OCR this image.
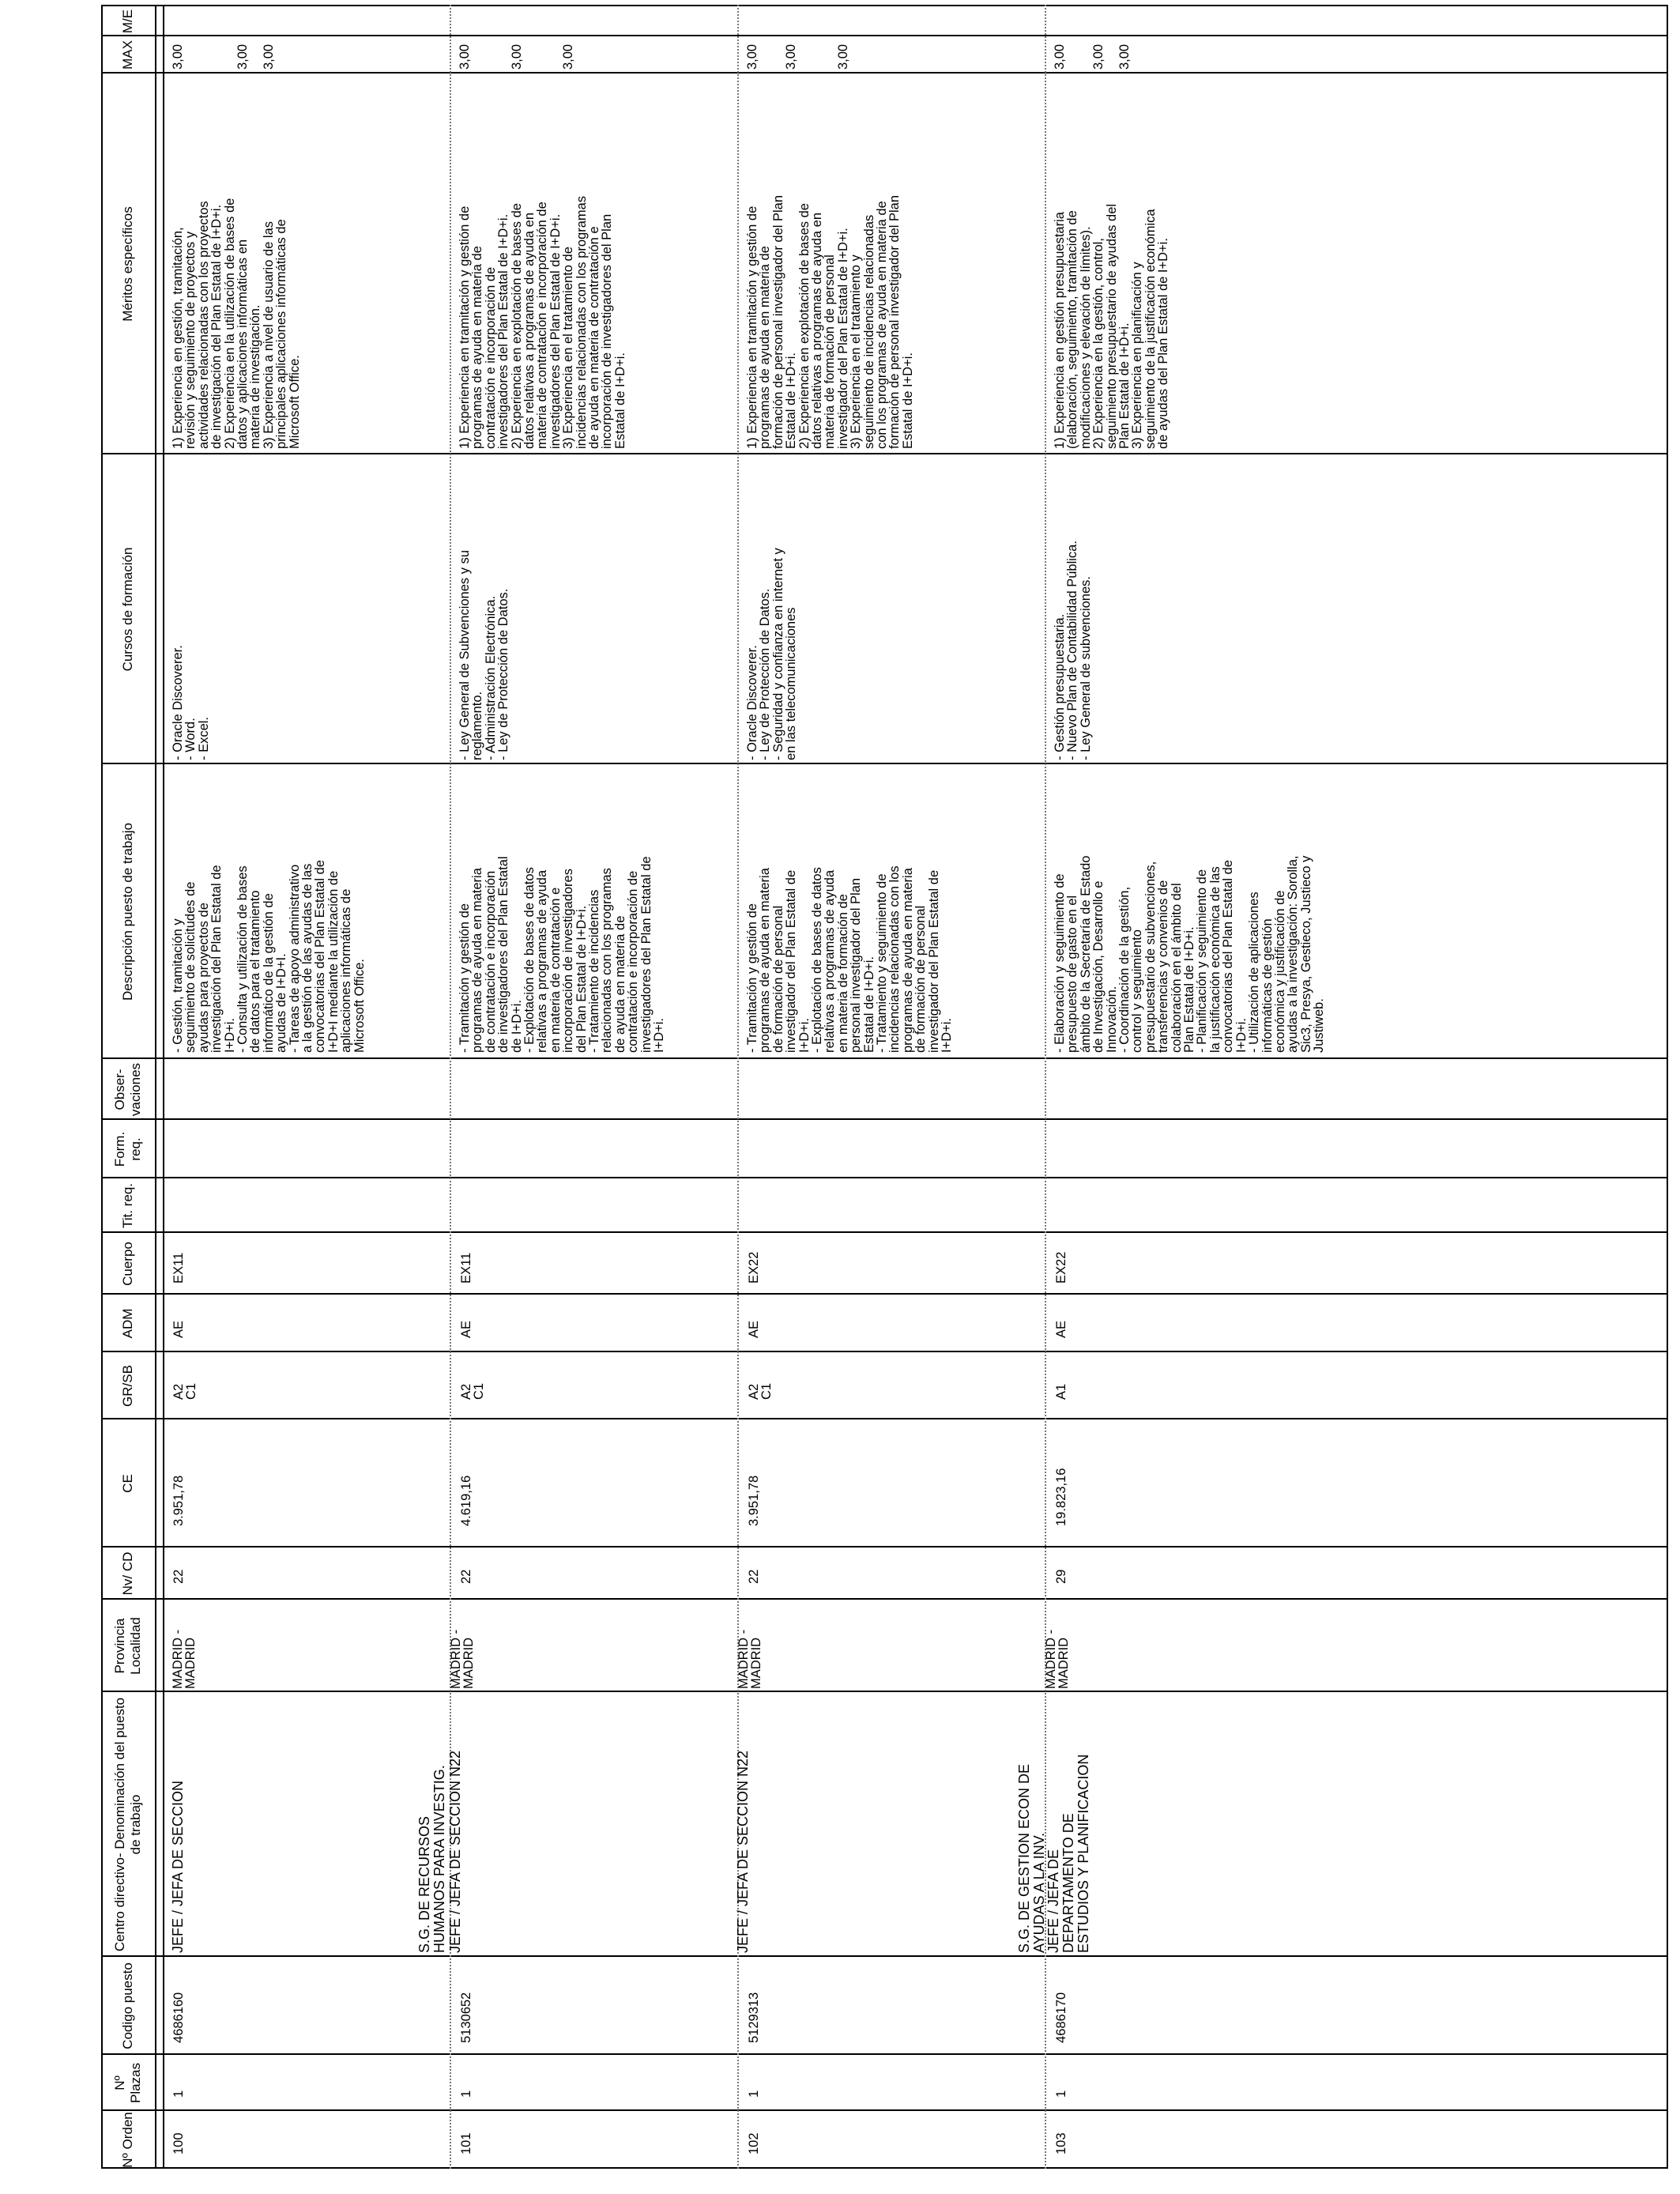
Nº Orden
Nº Plazas
Codigo puesto
Centro directivo- Denominación del puesto de trabajo
Provincia Localidad
Nv/ CD
CE
GR/SB
ADM
Cuerpo
Tit. req.
Form. req.
Obser- vaciones
Descripción puesto de trabajo
Cursos de formación
Méritos específicos
MAX
M/E
100
1
4686160
JEFE / JEFA DE SECCION
MADRID -
MADRID
22
3.951,78
A2
C1
AE
EX11
- Gestión, tramitación y
seguimiento de solicitudes de
ayudas para proyectos de
investigación del Plan Estatal de
I+D+i.
- Consulta y utilización de bases
de datos para el tratamiento
informático de la gestión de
ayudas de I+D+I.
- Tareas de apoyo administrativo
a la gestión de las ayudas de las
convocatorias del Plan Estatal de
I+D+I mediante la utilización de
aplicaciones informáticas de
Microsoft Office.
- Oracle Discoverer.
- Word.
- Excel.
1) Experiencia en gestión, tramitación,
revisión y seguimiento de proyectos y
actividades relacionadas con los proyectos
de investigación del Plan Estatal de I+D+i.
2) Experiencia en la utilización de bases de
datos y aplicaciones informáticas en
materia de investigación.
3) Experiencia a nivel de usuario de las
principales aplicaciones informáticas de
Microsoft Office.
3,00

3,00

3,00
S.G. DE RECURSOS
HUMANOS PARA INVESTIG.
101
1
5130652
JEFE / JEFA DE SECCION N22
MADRID -
MADRID
22
4.619,16
A2
C1
AE
EX11
- Tramitación y gestión de
programas de ayuda en materia
de contratación e incorporación
de investigadores del Plan Estatal
de I+D+i.
- Explotación de bases de datos
relativas a programas de ayuda
en materia de contratación e
incorporación de investigadores
del Plan Estatal de I+D+i.
- Tratamiento de incidencias
relacionadas con los programas
de ayuda en materia de
contratación e incorporación de
investigadores del Plan Estatal de
I+D+i.
- Ley General de Subvenciones y su
reglamento.
- Administración Electrónica.
- Ley de Protección de Datos.
1) Experiencia en tramitación y gestión de
programas de ayuda en materia de
contratación e incorporación de
investigadores del Plan Estatal de I+D+i.
2) Experiencia en explotación de bases de
datos relativas a programas de ayuda en
materia de contratación e incorporación de
investigadores del Plan Estatal de I+D+i.
3) Experiencia en el tratamiento de
incidencias relacionadas con los programas
de ayuda en materia de contratación e
incorporación de investigadores del Plan
Estatal de I+D+i.
3,00

3,00

3,00
102
1
5129313
JEFE / JEFA DE SECCION N22
MADRID -
MADRID
22
3.951,78
A2
C1
AE
EX22
- Tramitación y gestión de
programas de ayuda en materia
de formación de personal
investigador del Plan Estatal de
I+D+i.
- Explotación de bases de datos
relativas a programas de ayuda
en materia de formación de
personal investigador del Plan
Estatal de I+D+i.
- Tratamiento y seguimiento de
incidencias relacionadas con los
programas de ayuda en materia
de formación de personal
investigador del Plan Estatal de
I+D+i.
- Oracle Discoverer.
- Ley de Protección de Datos.
- Seguridad y confianza en internet y
en las telecomunicaciones
1) Experiencia en tramitación y gestión de
programas de ayuda en materia de
formación de personal investigador del Plan
Estatal de I+D+i.
2) Experiencia en explotación de bases de
datos relativas a programas de ayuda en
materia de formación de personal
investigador del Plan Estatal de I+D+i.
3) Experiencia en el tratamiento y
seguimiento de incidencias relacionadas
con los programas de ayuda en materia de
formación de personal investigador del Plan
Estatal de I+D+i.
3,00

3,00

3,00
S.G. DE GESTION ECON DE
AYUDAS A LA INV.
103
1
4686170
JEFE / JEFA DE
DEPARTAMENTO DE
ESTUDIOS Y PLANIFICACION
MADRID -
MADRID
29
19.823,16
A1
AE
EX22
- Elaboración y seguimiento de
presupuesto de gasto en el
ámbito de la Secretaría de Estado
de Investigación, Desarrollo e
Innovación.
- Coordinación de la gestión,
control y seguimiento
presupuestario de subvenciones,
transferencias y convenios de
colaboración en el ámbito del
Plan Estatal de I+D+i.
- Planificación y seguimiento de
la justificación económica de las
convocatorias del Plan Estatal de
I+D+i.
- Utilización de aplicaciones
informáticas de gestión
económica y justificación de
ayudas a la investigación: Sorolla,
Sic3, Presya, Gestieco, Justieco y
Justiweb.
- Gestión presupuestaria.
- Nuevo Plan de Contabilidad Pública.
- Ley General de subvenciones.
1) Experiencia en gestión presupuestaria
(elaboración, seguimiento, tramitación de
modificaciones y elevación de límites).
2) Experiencia en la gestión, control,
seguimiento presupuestario de ayudas del
Plan Estatal de I+D+i.
3) Experiencia en planificación y
seguimiento de la justificación económica
de ayudas del Plan Estatal de I+D+i.
3,00

3,00

3,00
